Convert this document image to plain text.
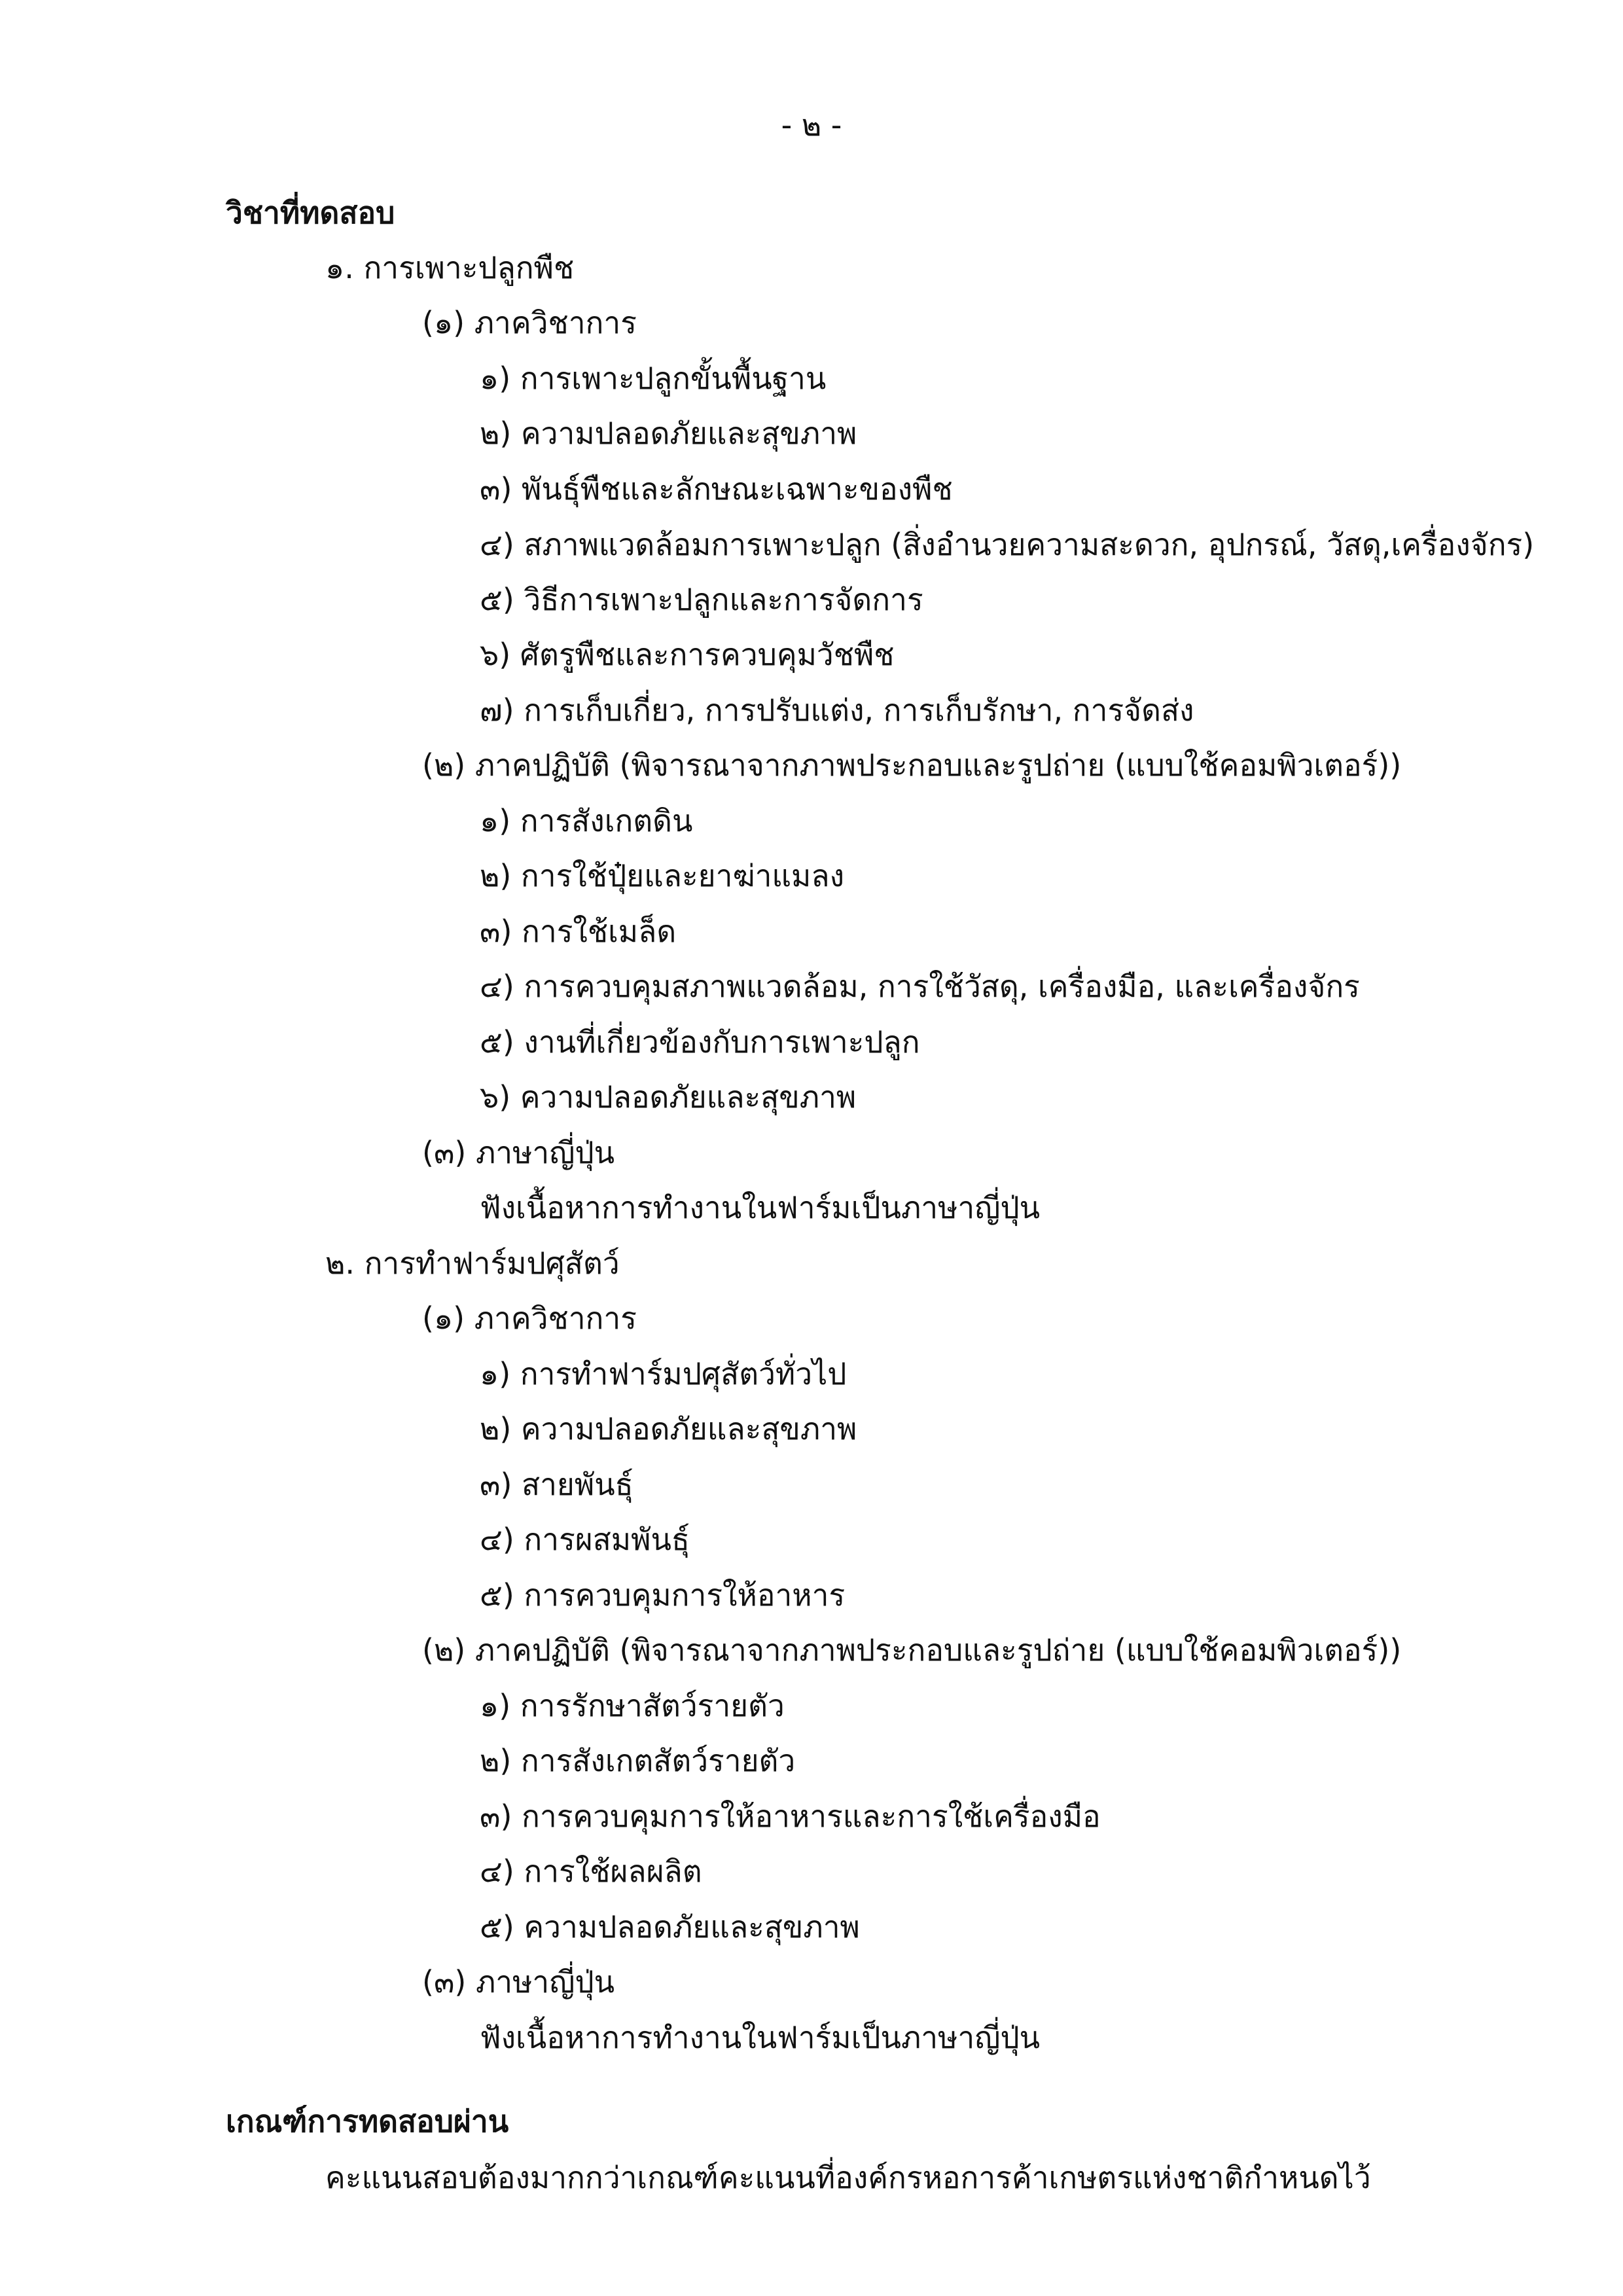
- ๒ -
วิชาที่ทดสอบ
๑. การเพาะปลูกพืช
(๑) ภาควิชาการ
๑) การเพาะปลูกขั้นพื้นฐาน
๒) ความปลอดภัยและสุขภาพ
๓) พันธุ์พืชและลักษณะเฉพาะของพืช
๔) สภาพแวดล้อมการเพาะปลูก (สิ่งอำนวยความสะดวก, อุปกรณ์, วัสดุ,เครื่องจักร)
๕) วิธีการเพาะปลูกและการจัดการ
๖) ศัตรูพืชและการควบคุมวัชพืช
๗) การเก็บเกี่ยว, การปรับแต่ง, การเก็บรักษา, การจัดส่ง
(๒) ภาคปฏิบัติ (พิจารณาจากภาพประกอบและรูปถ่าย (แบบใช้คอมพิวเตอร์))
๑) การสังเกตดิน
๒) การใช้ปุ๋ยและยาฆ่าแมลง
๓) การใช้เมล็ด
๔) การควบคุมสภาพแวดล้อม, การใช้วัสดุ, เครื่องมือ, และเครื่องจักร
๕) งานที่เกี่ยวข้องกับการเพาะปลูก
๖) ความปลอดภัยและสุขภาพ
(๓) ภาษาญี่ปุ่น
ฟังเนื้อหาการทำงานในฟาร์มเป็นภาษาญี่ปุ่น
๒. การทำฟาร์มปศุสัตว์
(๑) ภาควิชาการ
๑) การทำฟาร์มปศุสัตว์ทั่วไป
๒) ความปลอดภัยและสุขภาพ
๓) สายพันธุ์
๔) การผสมพันธุ์
๕) การควบคุมการให้อาหาร
(๒) ภาคปฏิบัติ (พิจารณาจากภาพประกอบและรูปถ่าย (แบบใช้คอมพิวเตอร์))
๑) การรักษาสัตว์รายตัว
๒) การสังเกตสัตว์รายตัว
๓) การควบคุมการให้อาหารและการใช้เครื่องมือ
๔) การใช้ผลผลิต
๕) ความปลอดภัยและสุขภาพ
(๓) ภาษาญี่ปุ่น
ฟังเนื้อหาการทำงานในฟาร์มเป็นภาษาญี่ปุ่น
เกณฑ์การทดสอบผ่าน
คะแนนสอบต้องมากกว่าเกณฑ์คะแนนที่องค์กรหอการค้าเกษตรแห่งชาติกำหนดไว้
